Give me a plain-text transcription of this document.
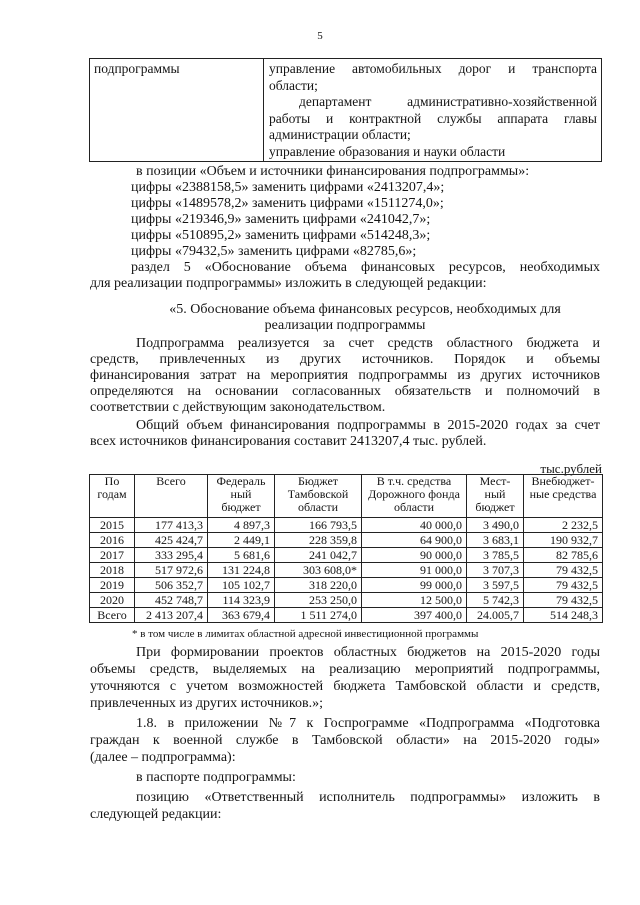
5
подпрограммы	управление автомобильных дорог и транспорта
области;
департамент административно-хозяйственной
работы и контрактной службы аппарата главы
администрации области;
управление образования и науки области
в позиции «Объем и источники финансирования подпрограммы»:
цифры «2388158,5» заменить цифрами «2413207,4»;
цифры «1489578,2» заменить цифрами «1511274,0»;
цифры «219346,9» заменить цифрами «241042,7»;
цифры «510895,2» заменить цифрами «514248,3»;
цифры «79432,5» заменить цифрами «82785,6»;
раздел 5 «Обоснование объема финансовых ресурсов, необходимых
для реализации подпрограммы» изложить в следующей редакции:
«5. Обоснование объема финансовых ресурсов, необходимых для
реализации подпрограммы
Подпрограмма реализуется за счет средств областного бюджета и
средств, привлеченных из других источников. Порядок и объемы
финансирования затрат на мероприятия подпрограммы из других источников
определяются на основании согласованных обязательств и полномочий в
соответствии с действующим законодательством.
Общий объем финансирования подпрограммы в 2015-2020 годах за счет
всех источников финансирования составит 2413207,4 тыс. рублей.
тыс.рублей
По годам	Всего	Федераль ный бюджет	Бюджет Тамбовской области	В т.ч. средства Дорожного фонда области	Мест- ный бюджет	Внебюджет- ные средства
2015	177 413,3	4 897,3	166 793,5	40 000,0	3 490,0	2 232,5
2016	425 424,7	2 449,1	228 359,8	64 900,0	3 683,1	190 932,7
2017	333 295,4	5 681,6	241 042,7	90 000,0	3 785,5	82 785,6
2018	517 972,6	131 224,8	303 608,0*	91 000,0	3 707,3	79 432,5
2019	506 352,7	105 102,7	318 220,0	99 000,0	3 597,5	79 432,5
2020	452 748,7	114 323,9	253 250,0	12 500,0	5 742,3	79 432,5
Всего	2 413 207,4	363 679,4	1 511 274,0	397 400,0	24.005,7	514 248,3
* в том числе в лимитах областной адресной инвестиционной программы
При формировании проектов областных бюджетов на 2015-2020 годы
объемы средств, выделяемых на реализацию мероприятий подпрограммы,
уточняются с учетом возможностей бюджета Тамбовской области и средств,
привлеченных из других источников.»;
1.8. в приложении №7 к Госпрограмме «Подпрограмма «Подготовка
граждан к военной службе в Тамбовской области» на 2015-2020 годы»
(далее – подпрограмма):
в паспорте подпрограммы:
позицию «Ответственный исполнитель подпрограммы» изложить в
следующей редакции:
